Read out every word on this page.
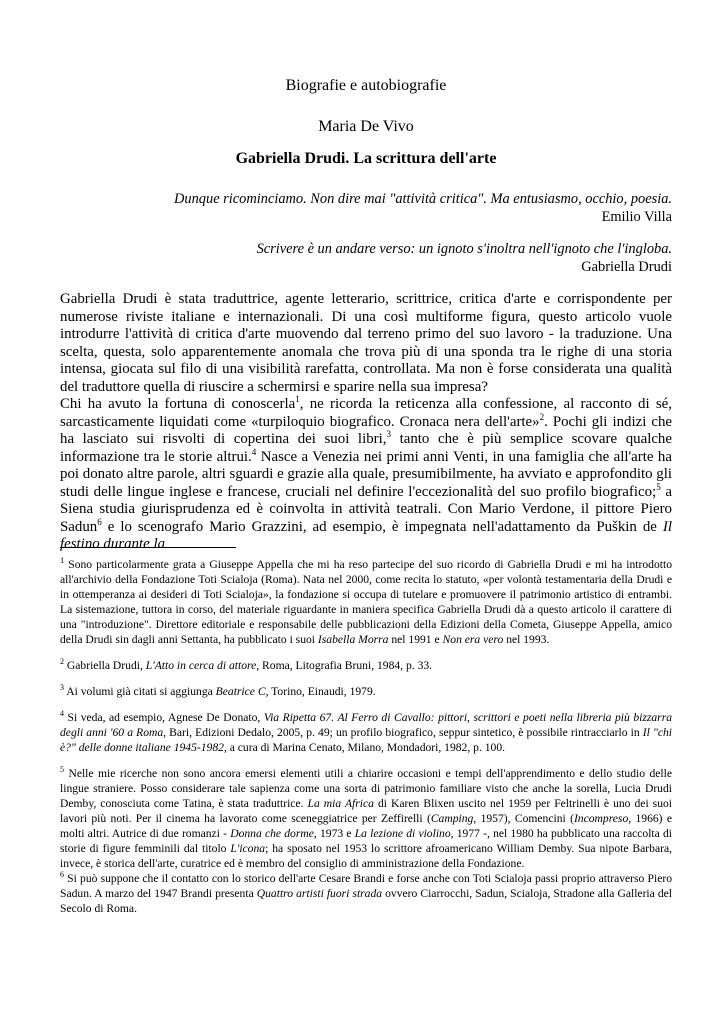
Biografie e autobiografie
Maria De Vivo
Gabriella Drudi. La scrittura dell'arte
Dunque ricominciamo. Non dire mai "attività critica". Ma entusiasmo, occhio, poesia.
Emilio Villa
Scrivere è un andare verso: un ignoto s'inoltra nell'ignoto che l'ingloba.
Gabriella Drudi

Gabriella Drudi è stata traduttrice, agente letterario, scrittrice, critica d'arte e corrispondente per numerose riviste italiane e internazionali. Di una così multiforme figura, questo articolo vuole introdurre l'attività di critica d'arte muovendo dal terreno primo del suo lavoro - la traduzione. Una scelta, questa, solo apparentemente anomala che trova più di una sponda tra le righe di una storia intensa, giocata sul filo di una visibilità rarefatta, controllata. Ma non è forse considerata una qualità del traduttore quella di riuscire a schermirsi e sparire nella sua impresa?

Chi ha avuto la fortuna di conoscerla$^1$, ne ricorda la reticenza alla confessione, al racconto di sé, sarcasticamente liquidati come «turpiloquio biografico. Cronaca nera dell'arte»$^2$. Pochi gli indizi che ha lasciato sui risvolti di copertina dei suoi libri,$^3$ tanto che è più semplice scovare qualche informazione tra le storie altrui.$^4$ Nasce a Venezia nei primi anni Venti, in una famiglia che all'arte ha poi donato altre parole, altri sguardi e grazie alla quale, presumibilmente, ha avviato e approfondito gli studi delle lingue inglese e francese, cruciali nel definire l'eccezionalità del suo profilo biografico;$^5$ a Siena studia giurisprudenza ed è coinvolta in attività teatrali. Con Mario Verdone, il pittore Piero Sadun$^6$ e lo scenografo Mario Grazzini, ad esempio, è impegnata nell'adattamento da Puškin de Il festino durante la

$^1$ Sono particolarmente grata a Giuseppe Appella che mi ha reso partecipe del suo ricordo di Gabriella Drudi e mi ha introdotto all'archivio della Fondazione Toti Scialoja (Roma). Nata nel 2000, come recita lo statuto, «per volontà testamentaria della Drudi e in ottemperanza ai desideri di Toti Scialoja», la fondazione si occupa di tutelare e promuovere il patrimonio artistico di entrambi. La sistemazione, tuttora in corso, del materiale riguardante in maniera specifica Gabriella Drudi dà a questo articolo il carattere di una "introduzione". Direttore editoriale e responsabile delle pubblicazioni della Edizioni della Cometa, Giuseppe Appella, amico della Drudi sin dagli anni Settanta, ha pubblicato i suoi Isabella Morra nel 1991 e Non era vero nel 1993.

$^2$ Gabriella Drudi, L'Atto in cerca di attore, Roma, Litografia Bruni, 1984, p. 33.

$^3$ Ai volumi già citati si aggiunga Beatrice C, Torino, Einaudi, 1979.

$^4$ Si veda, ad esempio, Agnese De Donato, Via Ripetta 67. Al Ferro di Cavallo: pittori, scrittori e poeti nella libreria più bizzarra degli anni '60 a Roma, Bari, Edizioni Dedalo, 2005, p. 49; un profilo biografico, seppur sintetico, è possibile rintracciarlo in Il "chi è?" delle donne italiane 1945-1982, a cura di Marina Cenato, Milano, Mondadori, 1982, p. 100.

$^5$ Nelle mie ricerche non sono ancora emersi elementi utili a chiarire occasioni e tempi dell'apprendimento e dello studio delle lingue straniere. Posso considerare tale sapienza come una sorta di patrimonio familiare visto che anche la sorella, Lucia Drudi Demby, conosciuta come Tatina, è stata traduttrice. La mia Africa di Karen Blixen uscito nel 1959 per Feltrinelli è uno dei suoi lavori più noti. Per il cinema ha lavorato come sceneggiatrice per Zeffirelli (Camping, 1957), Comencini (Incompreso, 1966) e molti altri. Autrice di due romanzi - Donna che dorme, 1973 e La lezione di violino, 1977 -, nel 1980 ha pubblicato una raccolta di storie di figure femminili dal titolo L'icona; ha sposato nel 1953 lo scrittore afroamericano William Demby. Sua nipote Barbara, invece, è storica dell'arte, curatrice ed è membro del consiglio di amministrazione della Fondazione.

$^6$ Si può suppone che il contatto con lo storico dell'arte Cesare Brandi e forse anche con Toti Scialoja passi proprio attraverso Piero Sadun. A marzo del 1947 Brandi presenta Quattro artisti fuori strada ovvero Ciarrocchi, Sadun, Scialoja, Stradone alla Galleria del Secolo di Roma.
